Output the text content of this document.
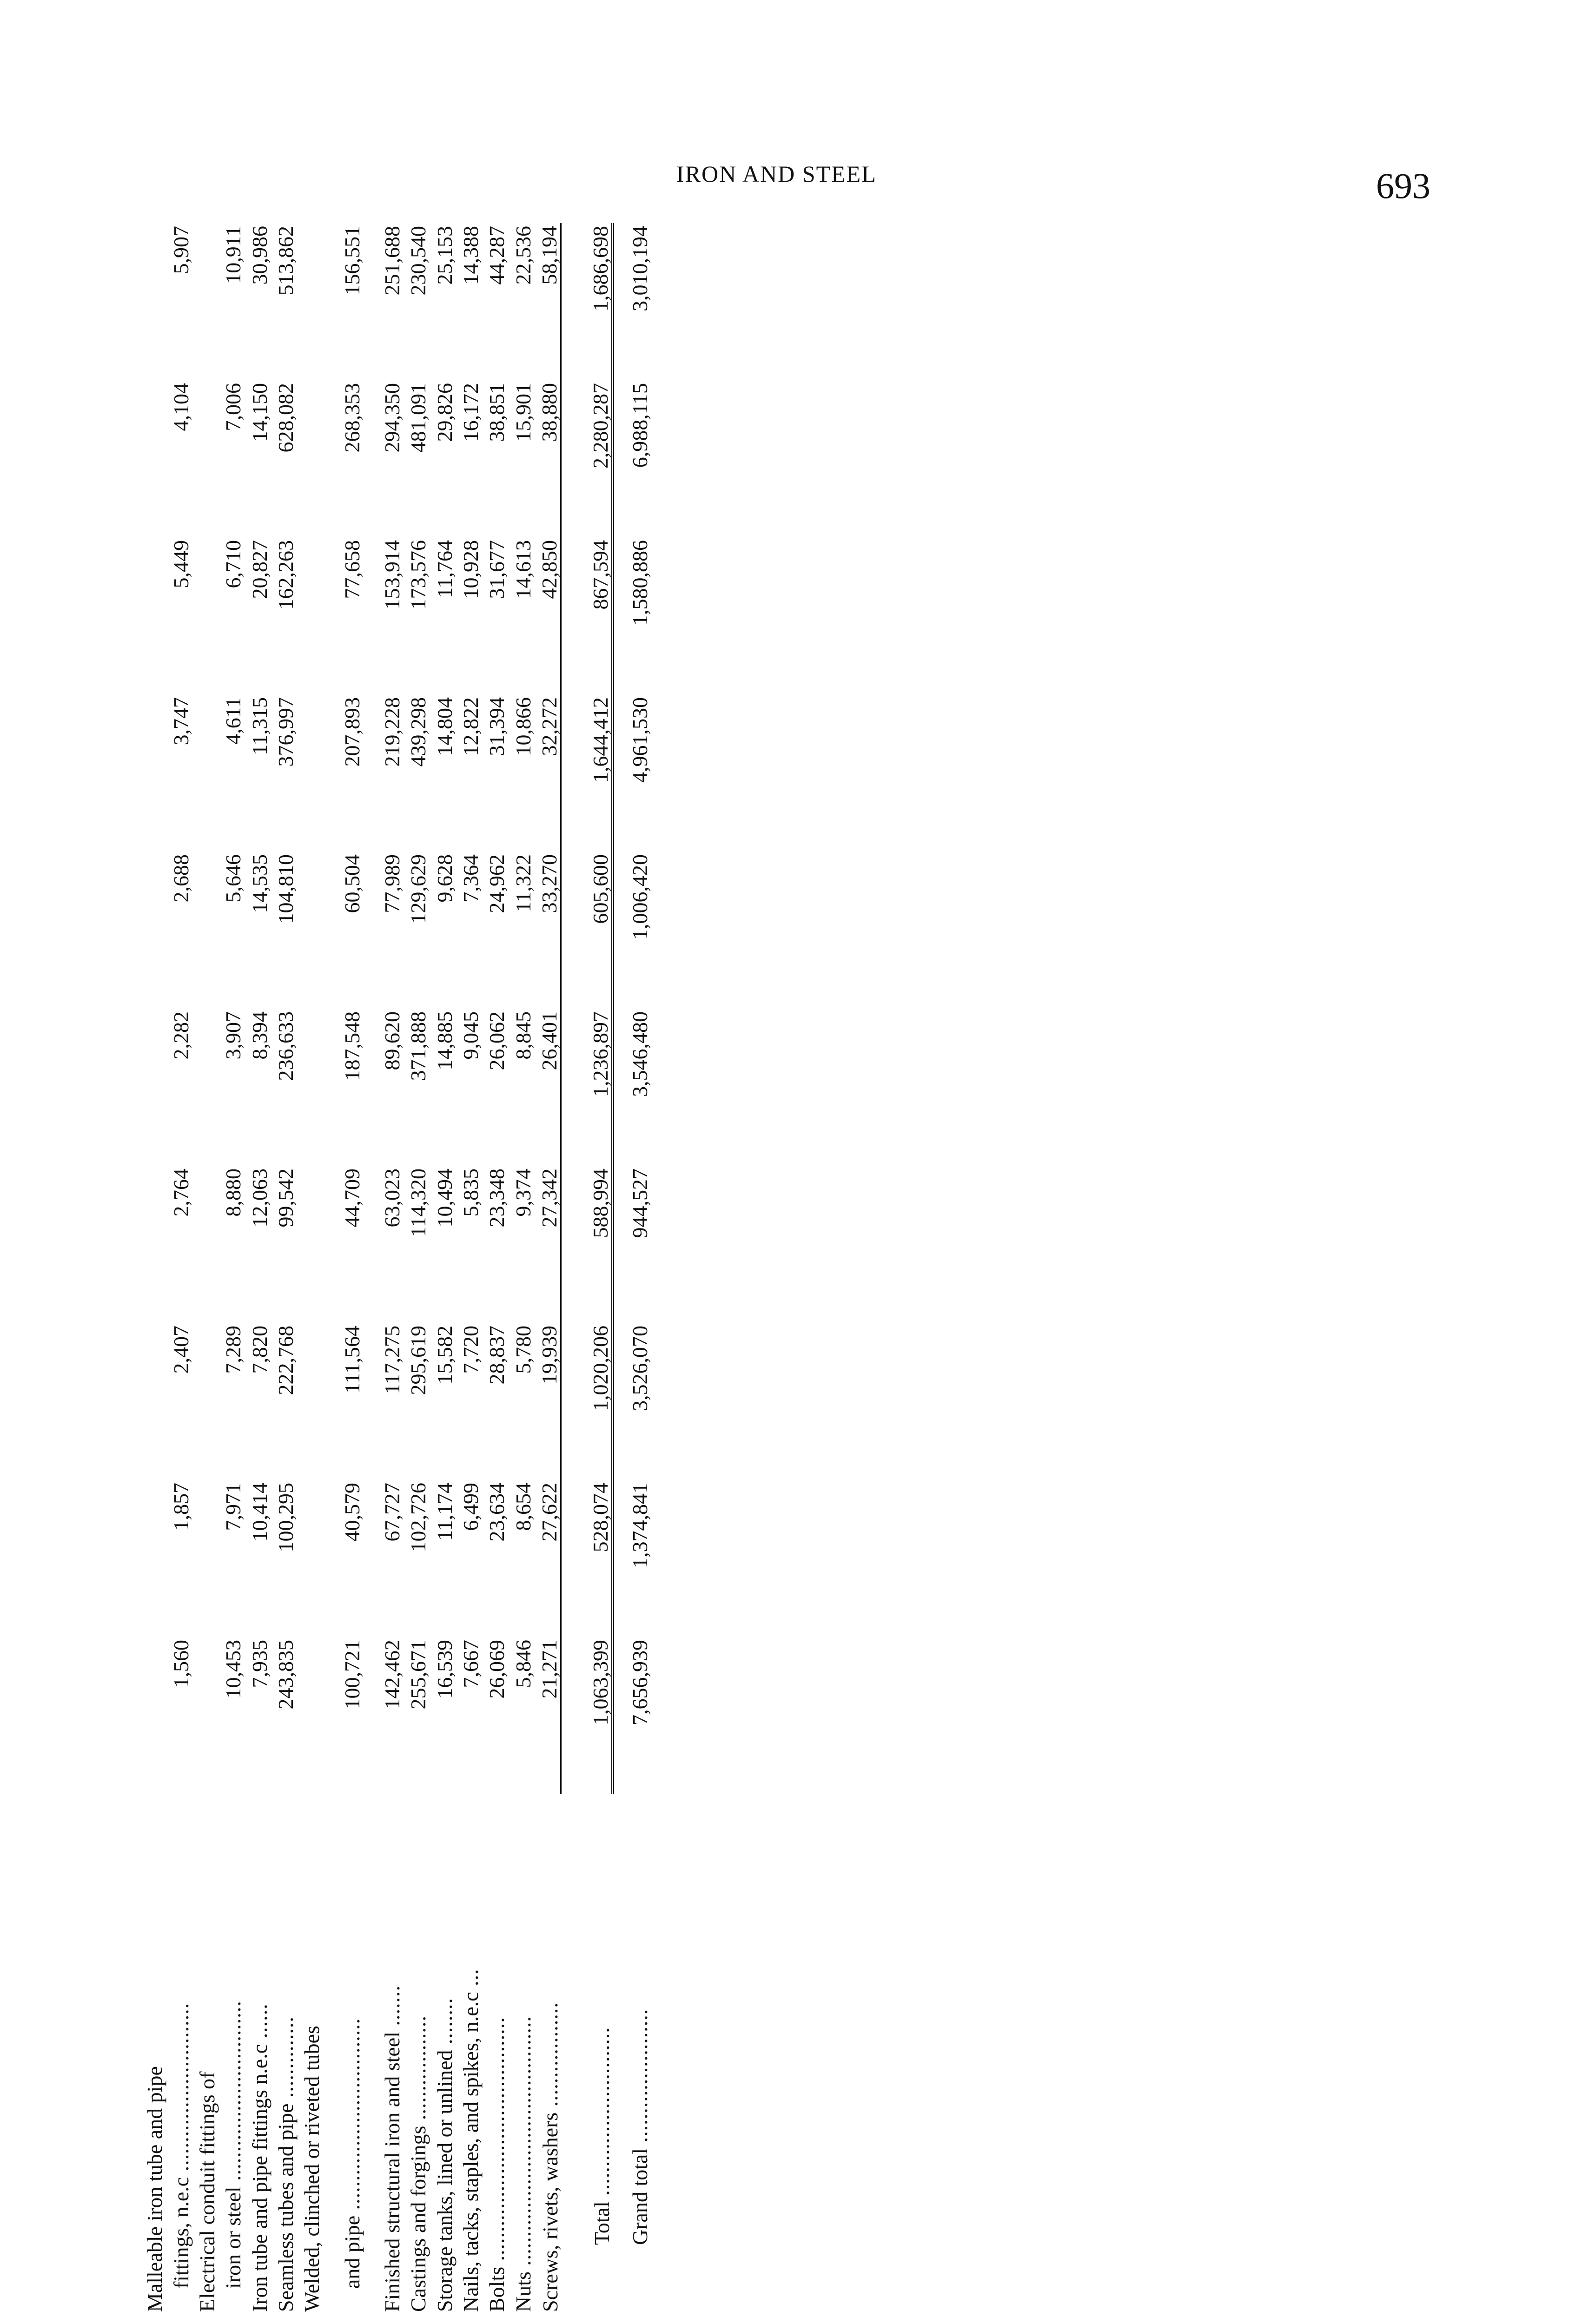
IRON AND STEEL	693
Malleable iron tube and pipe										
fittings, n.e.c .............................	1,560	1,857	2,407	2,764	2,282	2,688	3,747	5,449	4,104	5,907
Electrical conduit fittings of										
iron or steel ...............................	10,453	7,971	7,289	8,880	3,907	5,646	4,611	6,710	7,006	10,911
Iron tube and pipe fittings n.e.c ......	7,935	10,414	7,820	12,063	8,394	14,535	11,315	20,827	14,150	30,986
Seamless tubes and pipe ..............	243,835	100,295	222,768	99,542	236,633	104,810	376,997	162,263	628,082	513,862
Welded, clinched or riveted tubes										

and pipe .................................	100,721	40,579	111,564	44,709	187,548	60,504	207,893	77,658	268,353	156,551

Finished structural iron and steel .......	142,462	67,727	117,275	63,023	89,620	77,989	219,228	153,914	294,350	251,688
Castings and forgings ..................	255,671	102,726	295,619	114,320	371,888	129,629	439,298	173,576	481,091	230,540
Storage tanks, lined or unlined ........	16,539	11,174	15,582	10,494	14,885	9,628	14,804	11,764	29,826	25,153
Nails, tacks, staples, and spikes, n.e.c ...	7,667	6,499	7,720	5,835	9,045	7,364	12,822	10,928	16,172	14,388
Bolts ..........................................	26,069	23,634	28,837	23,348	26,062	24,962	31,394	31,677	38,851	44,287
Nuts ...........................................	5,846	8,654	5,780	9,374	8,845	11,322	10,866	14,613	15,901	22,536
Screws, rivets, washers ..................	21,271	27,622	19,939	27,342	26,401	33,270	32,272	42,850	38,880	58,194
Total .............................	1,063,399	528,074	1,020,206	588,994	1,236,897	605,600	1,644,412	867,594	2,280,287	1,686,698
Grand total .......................	7,656,939	1,374,841	3,526,070	944,527	3,546,480	1,006,420	4,961,530	1,580,886	6,988,115	3,010,194
